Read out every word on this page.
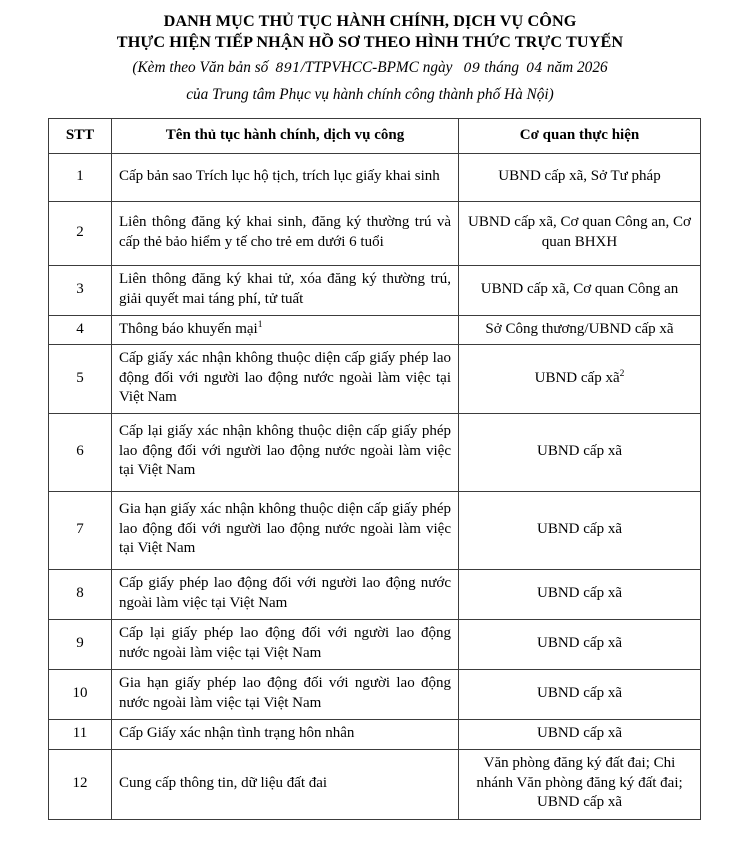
DANH MỤC THỦ TỤC HÀNH CHÍNH, DỊCH VỤ CÔNG
THỰC HIỆN TIẾP NHẬN HỒ SƠ THEO HÌNH THỨC TRỰC TUYẾN
(Kèm theo Văn bản số 891/TTPVHCC-BPMC ngày 09 tháng 04 năm 2026
của Trung tâm Phục vụ hành chính công thành phố Hà Nội)
STT	Tên thủ tục hành chính, dịch vụ công	Cơ quan thực hiện
1	Cấp bản sao Trích lục hộ tịch, trích lục giấy khai sinh	UBND cấp xã, Sở Tư pháp
2	Liên thông đăng ký khai sinh, đăng ký thường trú và cấp thẻ bảo hiểm y tế cho trẻ em dưới 6 tuổi	UBND cấp xã, Cơ quan Công an, Cơ quan BHXH
3	Liên thông đăng ký khai tử, xóa đăng ký thường trú, giải quyết mai táng phí, tử tuất	UBND cấp xã, Cơ quan Công an
4	Thông báo khuyến mại$^1$	Sở Công thương/UBND cấp xã
5	Cấp giấy xác nhận không thuộc diện cấp giấy phép lao động đối với người lao động nước ngoài làm việc tại Việt Nam	UBND cấp $xã^2$
6	Cấp lại giấy xác nhận không thuộc diện cấp giấy phép lao động đối với người lao động nước ngoài làm việc tại Việt Nam	UBND cấp xã
7	Gia hạn giấy xác nhận không thuộc diện cấp giấy phép lao động đối với người lao động nước ngoài làm việc tại Việt Nam	UBND cấp xã
8	Cấp giấy phép lao động đối với người lao động nước ngoài làm việc tại Việt Nam	UBND cấp xã
9	Cấp lại giấy phép lao động đối với người lao động nước ngoài làm việc tại Việt Nam	UBND cấp xã
10	Gia hạn giấy phép lao động đối với người lao động nước ngoài làm việc tại Việt Nam	UBND cấp xã
11	Cấp Giấy xác nhận tình trạng hôn nhân	UBND cấp xã
12	Cung cấp thông tin, dữ liệu đất đai	Văn phòng đăng ký đất đai; Chi nhánh Văn phòng đăng ký đất đai; UBND cấp xã
